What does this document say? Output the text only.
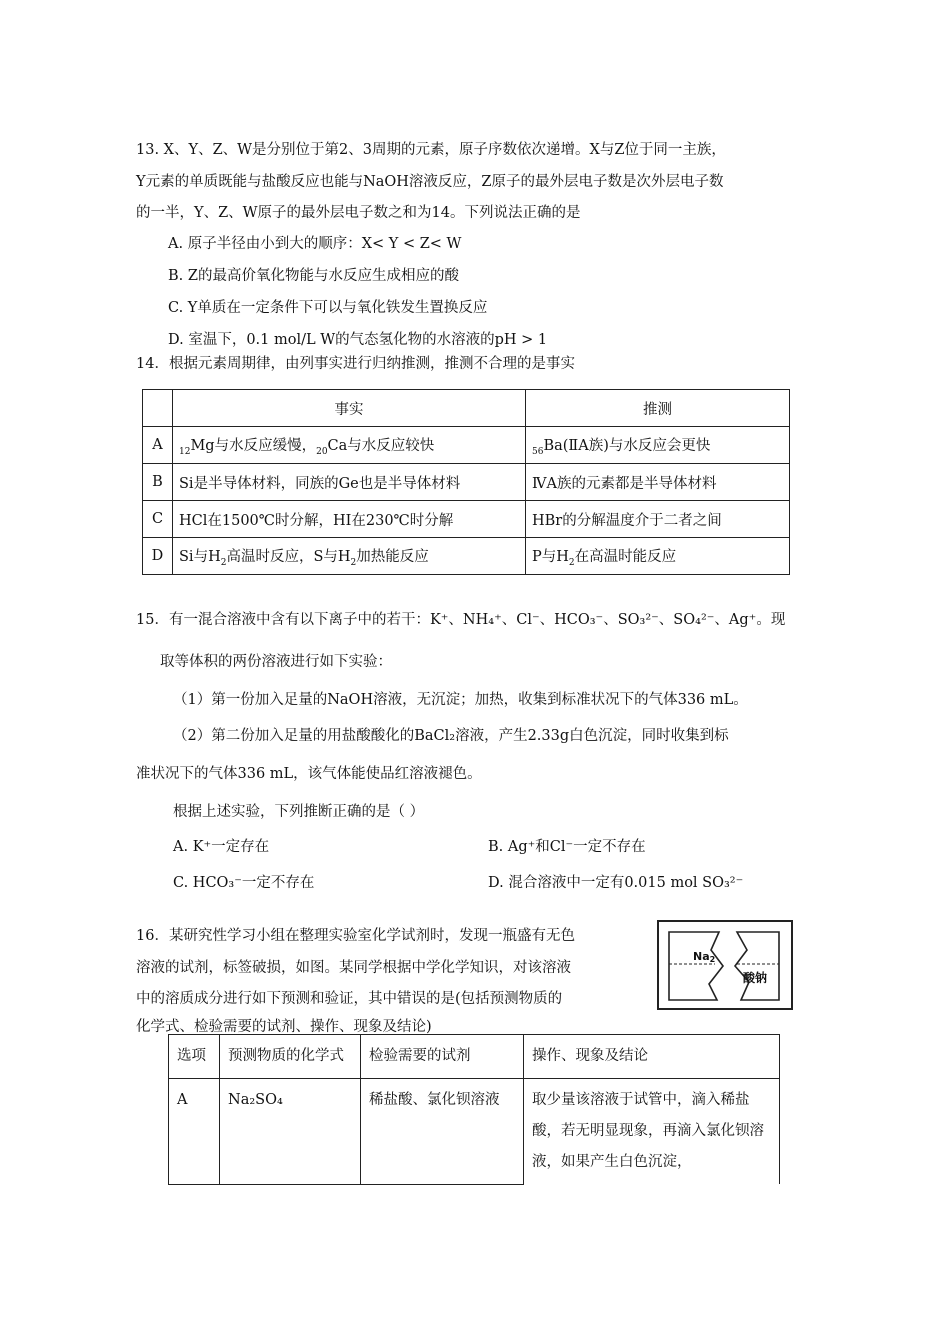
13. X、Y、Z、W是分别位于第2、3周期的元素，原子序数依次递增。X与Z位于同一主族，
Y元素的单质既能与盐酸反应也能与NaOH溶液反应，Z原子的最外层电子数是次外层电子数
的一半，Y、Z、W原子的最外层电子数之和为14。下列说法正确的是
A. 原子半径由小到大的顺序：X< Y < Z< W
B. Z的最高价氧化物能与水反应生成相应的酸
C. Y单质在一定条件下可以与氧化铁发生置换反应
D. 室温下，0.1 mol/L W的气态氢化物的水溶液的pH > 1
14．根据元素周期律，由列事实进行归纳推测，推测不合理的是事实
	事实	推测
A	$_{12}$Mg与水反应缓慢，$_{20}$Ca与水反应较快	$_{56}$Ba(ⅡA族)与水反应会更快
B	Si是半导体材料，同族的Ge也是半导体材料	ⅣA族的元素都是半导体材料
C	HCl在1500℃时分解，HI在230℃时分解	HBr的分解温度介于二者之间
D	Si与$H_2$高温时反应，S与$H_2$加热能反应	P与$H_2$在高温时能反应
15．有一混合溶液中含有以下离子中的若干：K⁺、NH₄⁺、Cl⁻、HCO₃⁻、SO₃²⁻、SO₄²⁻、Ag⁺。现
取等体积的两份溶液进行如下实验：
（1）第一份加入足量的NaOH溶液，无沉淀；加热，收集到标准状况下的气体336 mL。
（2）第二份加入足量的用盐酸酸化的BaCl₂溶液，产生2.33g白色沉淀，同时收集到标
准状况下的气体336 mL，该气体能使品红溶液褪色。
根据上述实验，下列推断正确的是（ ）
A. K⁺一定存在	B. Ag⁺和Cl⁻一定不存在
C. HCO₃⁻一定不存在	D. 混合溶液中一定有0.015 mol SO₃²⁻
16．某研究性学习小组在整理实验室化学试剂时，发现一瓶盛有无色
溶液的试剂，标签破损，如图。某同学根据中学化学知识，对该溶液
中的溶质成分进行如下预测和验证，其中错误的是(包括预测物质的
化学式、检验需要的试剂、操作、现象及结论)
Na2
酸钠
选项	预测物质的化学式	检验需要的试剂	操作、现象及结论
A	Na₂SO₄	稀盐酸、氯化钡溶液	取少量该溶液于试管中，滴入稀盐酸，若无明显现象，再滴入氯化钡溶液，如果产生白色沉淀，
